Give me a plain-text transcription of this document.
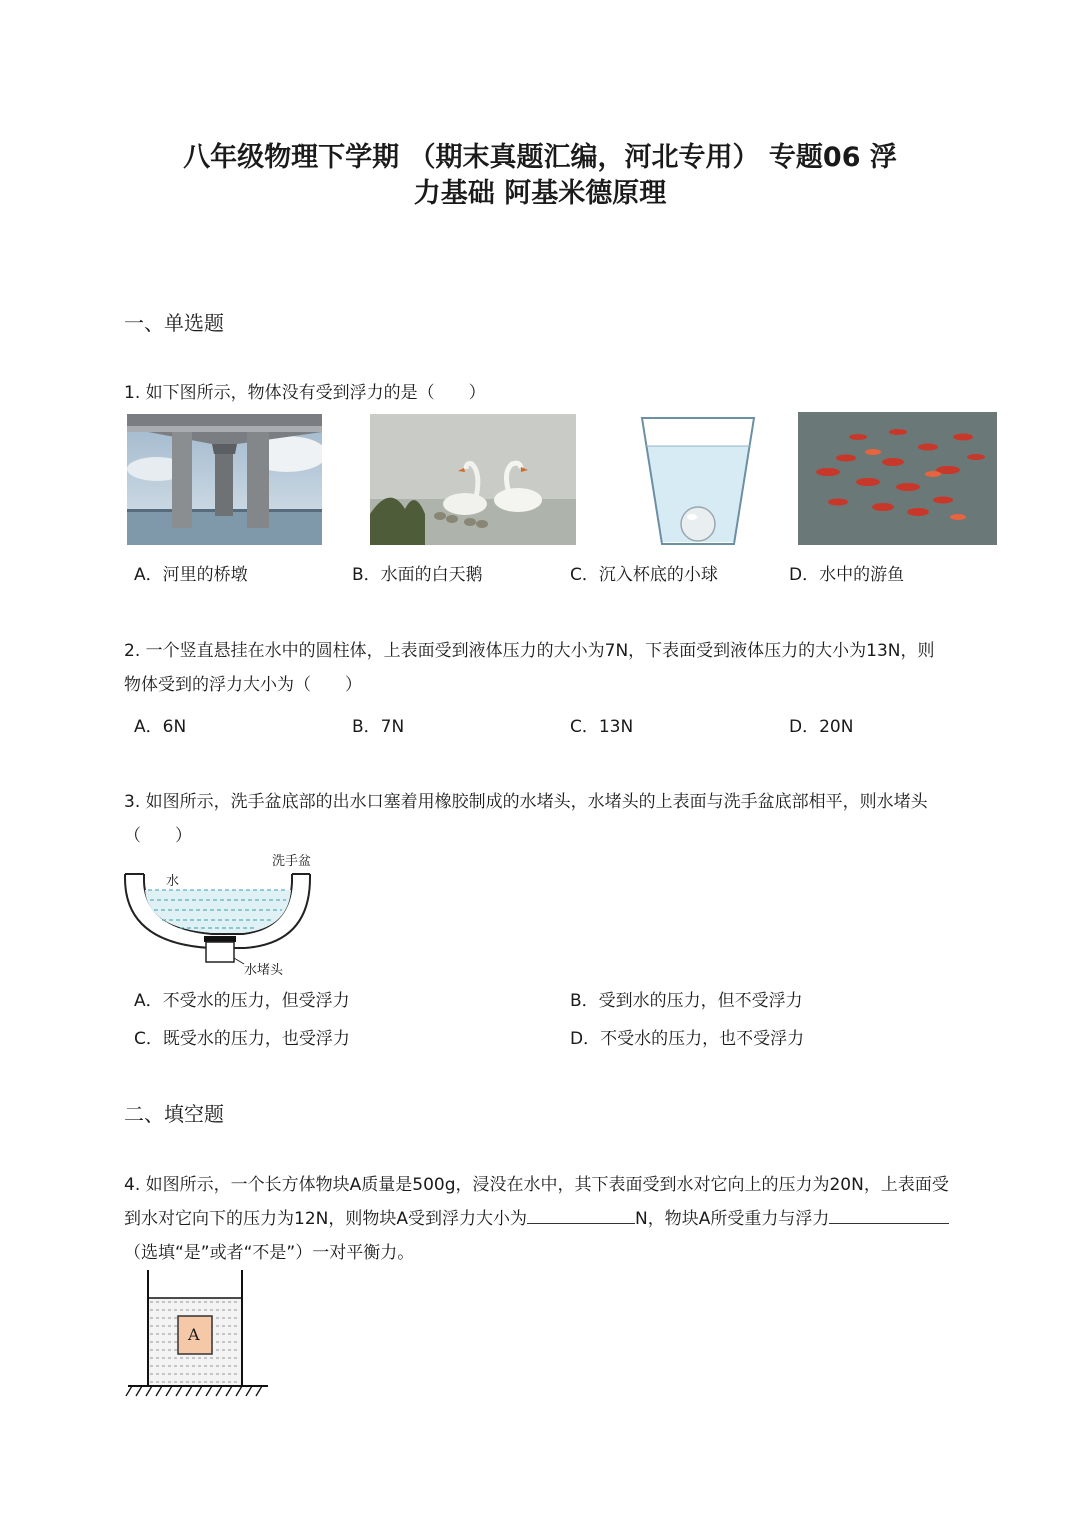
八年级物理下学期 （期末真题汇编，河北专用） 专题06 浮
力基础 阿基米德原理
一、单选题
1. 如下图所示，物体没有受到浮力的是（　　）
A．河里的桥墩	B．水面的白天鹅	C．沉入杯底的小球	D．水中的游鱼
2. 一个竖直悬挂在水中的圆柱体，上表面受到液体压力的大小为7N，下表面受到液体压力的大小为13N，则
物体受到的浮力大小为（　　）
A．6N	B．7N	C．13N	D．20N
3. 如图所示，洗手盆底部的出水口塞着用橡胶制成的水堵头，水堵头的上表面与洗手盆底部相平，则水堵头
（　　）
洗手盆
水
水堵头
A．不受水的压力，但受浮力	B．受到水的压力，但不受浮力
C．既受水的压力，也受浮力	D．不受水的压力，也不受浮力
二、填空题
4. 如图所示，一个长方体物块A质量是500g，浸没在水中，其下表面受到水对它向上的压力为20N，上表面受
到水对它向下的压力为12N，则物块A受到浮力大小为	N，物块A所受重力与浮力
（选填“是”或者“不是”）一对平衡力。
A
